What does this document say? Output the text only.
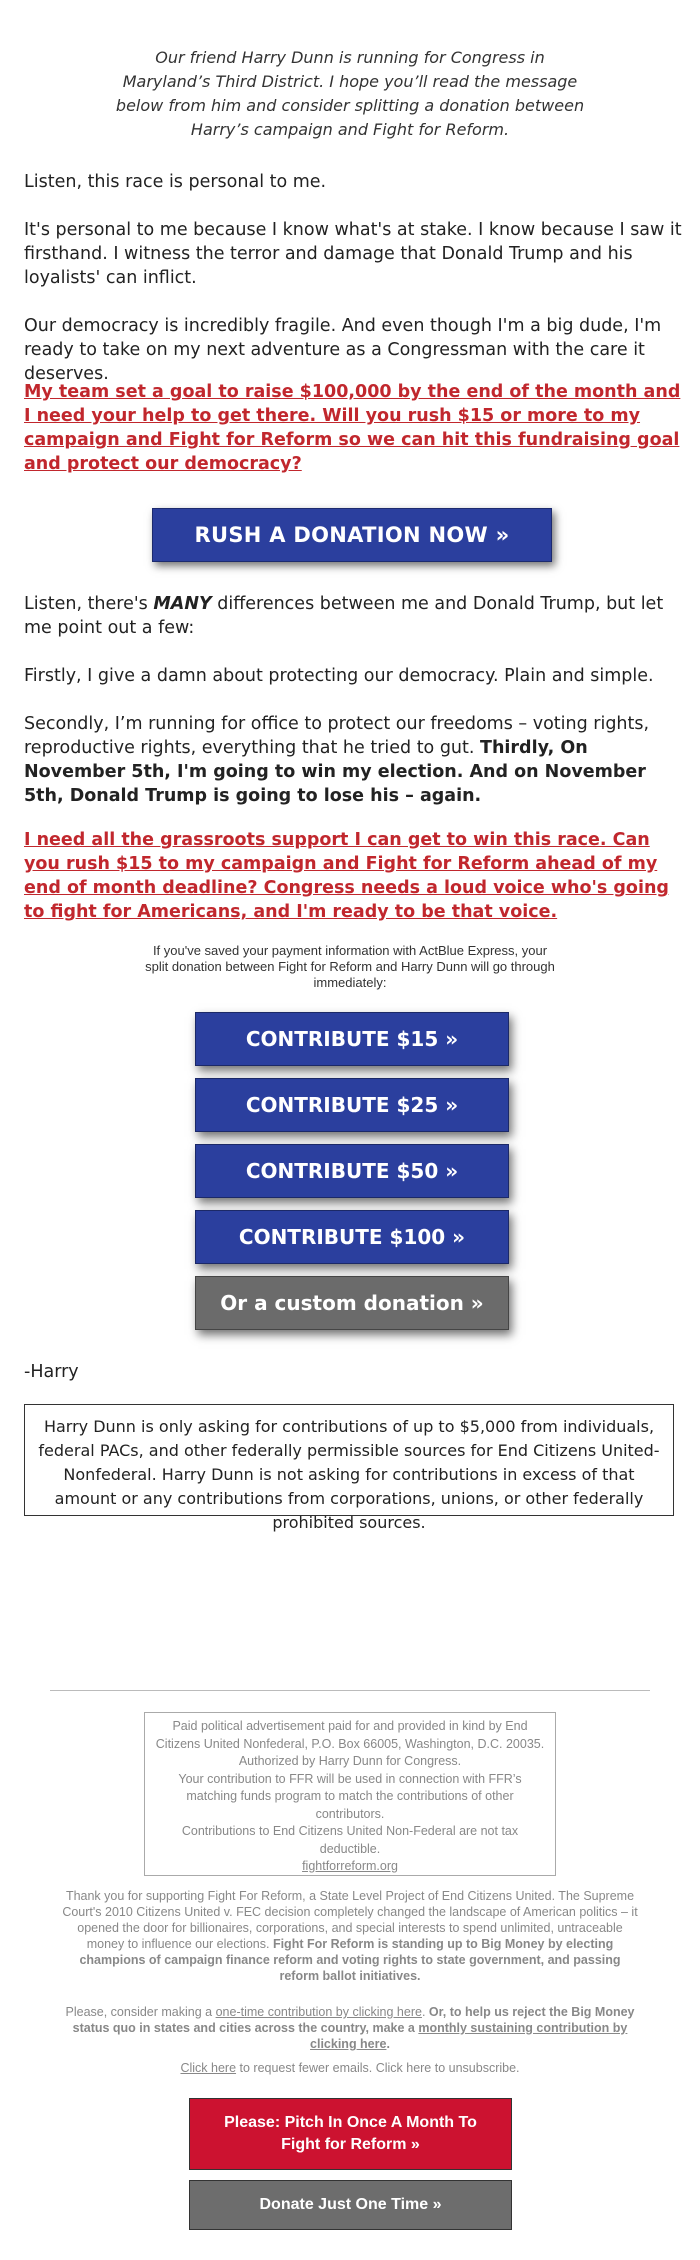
Our friend Harry Dunn is running for Congress in Maryland’s Third District. I hope you’ll read the message below from him and consider splitting a donation between Harry’s campaign and Fight for Reform.
Listen, this race is personal to me.
It's personal to me because I know what's at stake. I know because I saw it firsthand. I witness the terror and damage that Donald Trump and his loyalists' can inflict.
Our democracy is incredibly fragile. And even though I'm a big dude, I'm ready to take on my next adventure as a Congressman with the care it deserves.
My team set a goal to raise $100,000 by the end of the month and I need your help to get there. Will you rush $15 or more to my campaign and Fight for Reform so we can hit this fundraising goal and protect our democracy?
RUSH A DONATION NOW »
Listen, there's MANY differences between me and Donald Trump, but let me point out a few:
Firstly, I give a damn about protecting our democracy. Plain and simple.
Secondly, I’m running for office to protect our freedoms – voting rights, reproductive rights, everything that he tried to gut. Thirdly, On November 5th, I'm going to win my election. And on November 5th, Donald Trump is going to lose his – again.
I need all the grassroots support I can get to win this race. Can you rush $15 to my campaign and Fight for Reform ahead of my end of month deadline? Congress needs a loud voice who's going to fight for Americans, and I'm ready to be that voice.
If you've saved your payment information with ActBlue Express, your split donation between Fight for Reform and Harry Dunn will go through immediately:
CONTRIBUTE $15 »
CONTRIBUTE $25 »
CONTRIBUTE $50 »
CONTRIBUTE $100 »
Or a custom donation »
-Harry
Harry Dunn is only asking for contributions of up to $5,000 from individuals, federal PACs, and other federally permissible sources for End Citizens United-Nonfederal. Harry Dunn is not asking for contributions in excess of that amount or any contributions from corporations, unions, or other federally prohibited sources.
Paid political advertisement paid for and provided in kind by End Citizens United Nonfederal, P.O. Box 66005, Washington, D.C. 20035.
Authorized by Harry Dunn for Congress.
Your contribution to FFR will be used in connection with FFR’s matching funds program to match the contributions of other contributors.
Contributions to End Citizens United Non-Federal are not tax deductible.
fightforreform.org
Thank you for supporting Fight For Reform, a State Level Project of End Citizens United. The Supreme Court's 2010 Citizens United v. FEC decision completely changed the landscape of American politics – it opened the door for billionaires, corporations, and special interests to spend unlimited, untraceable money to influence our elections. Fight For Reform is standing up to Big Money by electing champions of campaign finance reform and voting rights to state government, and passing reform ballot initiatives.
Please, consider making a one-time contribution by clicking here. Or, to help us reject the Big Money status quo in states and cities across the country, make a monthly sustaining contribution by clicking here.
Click here to request fewer emails. Click here to unsubscribe.
Please: Pitch In Once A Month To Fight for Reform »
Donate Just One Time »
